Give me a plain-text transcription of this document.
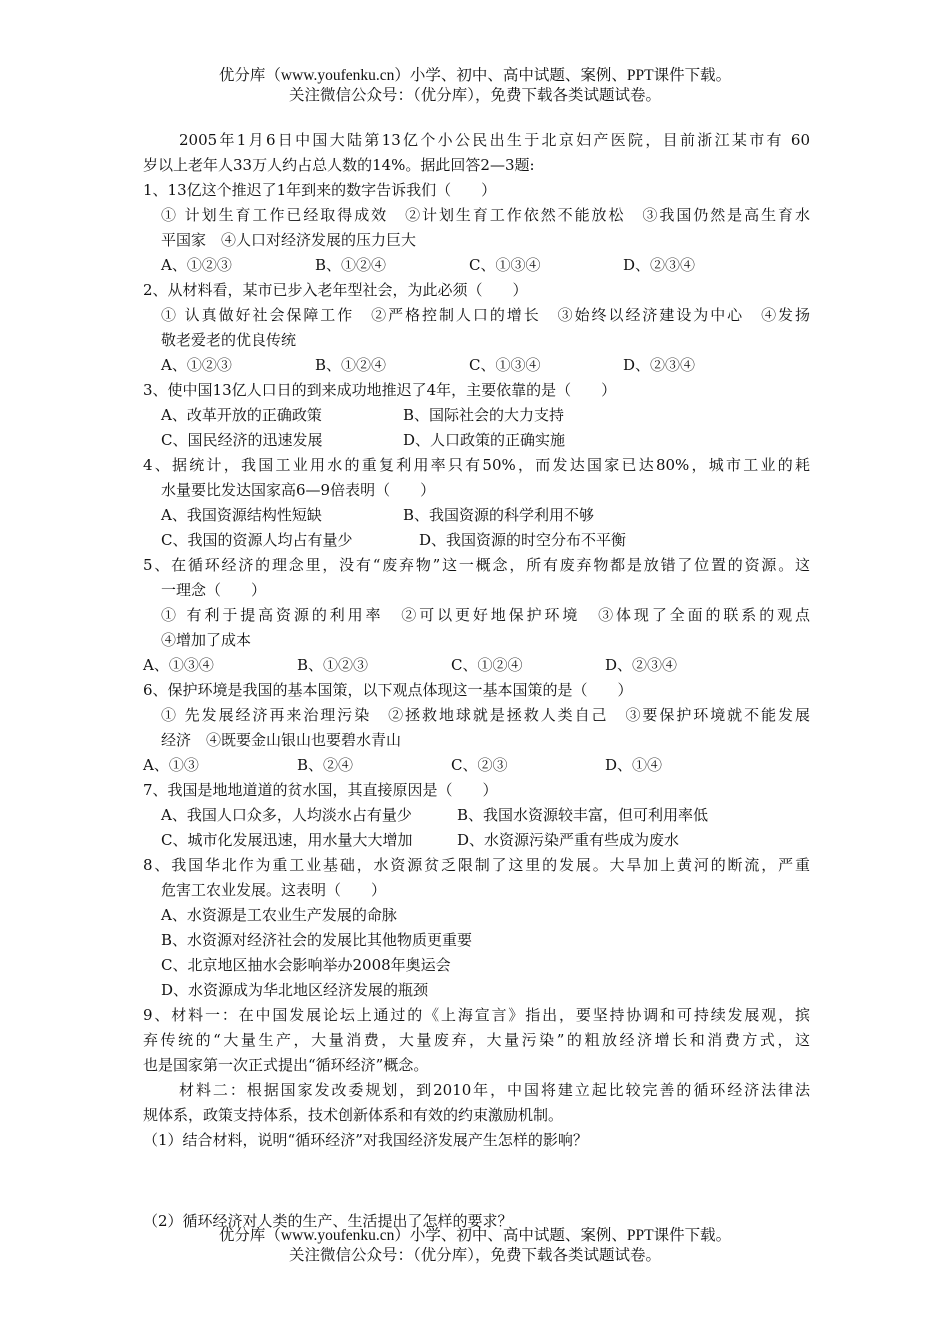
优分库（www.youfenku.cn）小学、初中、高中试题、案例、PPT课件下载。
关注微信公众号：（优分库），免费下载各类试题试卷。
2005年1月6日中国大陆第13亿个小公民出生于北京妇产医院，目前浙江某市有 60
岁以上老年人33万人约占总人数的14%。据此回答2—3题:
1、13亿这个推迟了1年到来的数字告诉我们（　　）
① 计划生育工作已经取得成效　②计划生育工作依然不能放松　③我国仍然是高生育水
平国家　④人口对经济发展的压力巨大
A、①②③	B、①②④	C、①③④	D、②③④
2、从材料看，某市已步入老年型社会，为此必须（　　）
① 认真做好社会保障工作　②严格控制人口的增长　③始终以经济建设为中心　④发扬
敬老爱老的优良传统
A、①②③	B、①②④	C、①③④	D、②③④
3、使中国13亿人口日的到来成功地推迟了4年，主要依靠的是（　　）
A、改革开放的正确政策	B、国际社会的大力支持
C、国民经济的迅速发展	D、人口政策的正确实施
4、据统计，我国工业用水的重复利用率只有50%，而发达国家已达80%，城市工业的耗
水量要比发达国家高6—9倍表明（　　）
A、我国资源结构性短缺	B、我国资源的科学利用不够
C、我国的资源人均占有量少	D、我国资源的时空分布不平衡
5、在循环经济的理念里，没有“废弃物”这一概念，所有废弃物都是放错了位置的资源。这
一理念（　　）
① 有利于提高资源的利用率　②可以更好地保护环境　③体现了全面的联系的观点
④增加了成本
A、①③④	B、①②③	C、①②④	D、②③④
6、保护环境是我国的基本国策，以下观点体现这一基本国策的是（　　）
① 先发展经济再来治理污染　②拯救地球就是拯救人类自己　③要保护环境就不能发展
经济　④既要金山银山也要碧水青山
A、①③	B、②④	C、②③	D、①④
7、我国是地地道道的贫水国，其直接原因是（　　）
A、我国人口众多，人均淡水占有量少	B、我国水资源较丰富，但可利用率低
C、城市化发展迅速，用水量大大增加	D、水资源污染严重有些成为废水
8、我国华北作为重工业基础，水资源贫乏限制了这里的发展。大旱加上黄河的断流，严重
危害工农业发展。这表明（　　）
A、水资源是工农业生产发展的命脉
B、水资源对经济社会的发展比其他物质更重要
C、北京地区抽水会影响举办2008年奥运会
D、水资源成为华北地区经济发展的瓶颈
9、材料一：在中国发展论坛上通过的《上海宣言》指出，要坚持协调和可持续发展观，摈
弃传统的“大量生产，大量消费，大量废弃，大量污染”的粗放经济增长和消费方式，这
也是国家第一次正式提出“循环经济”概念。
材料二：根据国家发改委规划，到2010年，中国将建立起比较完善的循环经济法律法
规体系，政策支持体系，技术创新体系和有效的约束激励机制。
（1）结合材料，说明“循环经济”对我国经济发展产生怎样的影响？
（2）循环经济对人类的生产、生活提出了怎样的要求？
优分库（www.youfenku.cn）小学、初中、高中试题、案例、PPT课件下载。
关注微信公众号：（优分库），免费下载各类试题试卷。
